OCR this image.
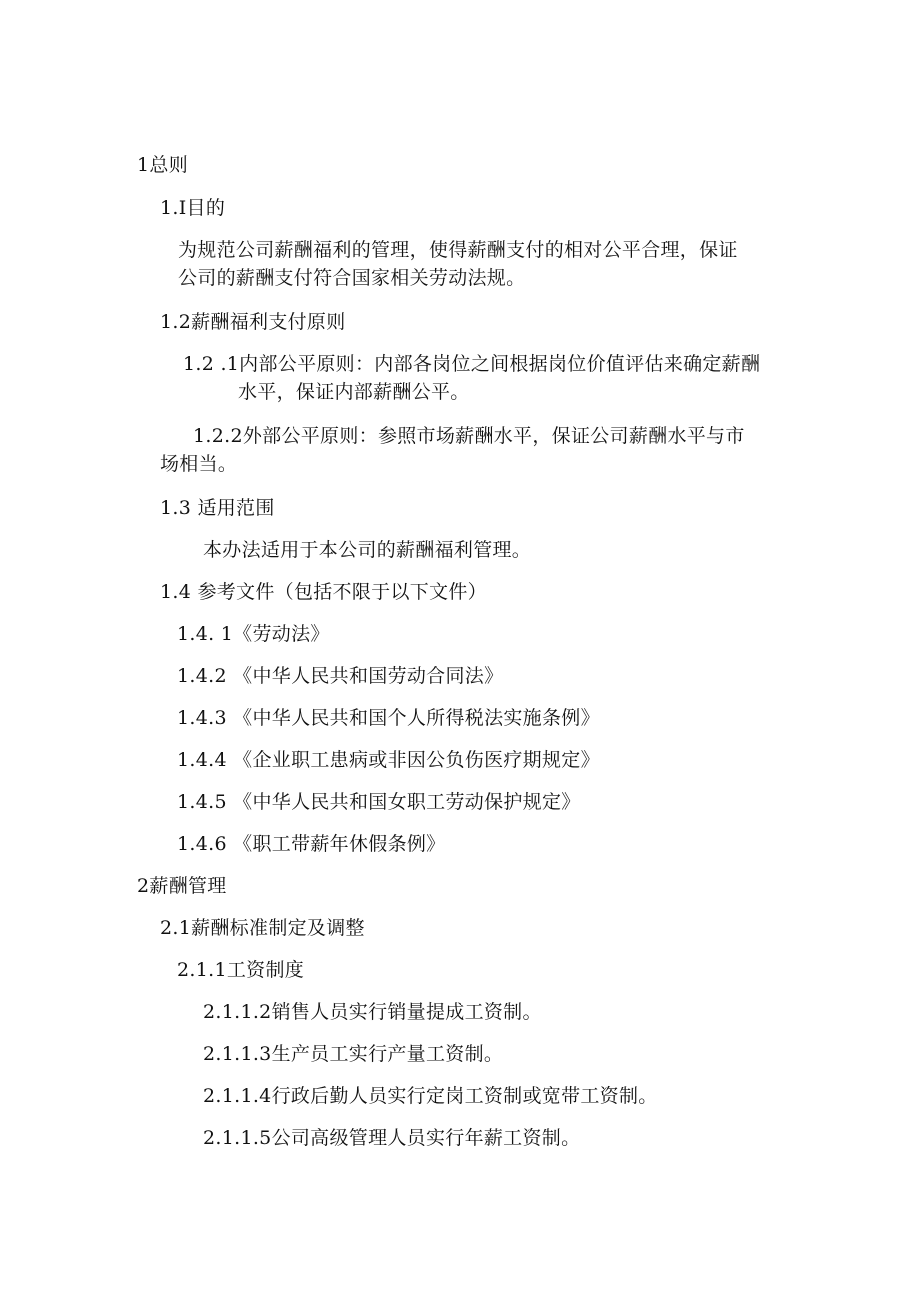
1总则
1.I目的
为规范公司薪酬福利的管理，使得薪酬支付的相对公平合理，保证
公司的薪酬支付符合国家相关劳动法规。
1.2薪酬福利支付原则
1.2 .1内部公平原则：内部各岗位之间根据岗位价值评估来确定薪酬
水平，保证内部薪酬公平。
1.2.2外部公平原则：参照市场薪酬水平，保证公司薪酬水平与市
场相当。
1.3 适用范围
本办法适用于本公司的薪酬福利管理。
1.4 参考文件（包括不限于以下文件）
1.4. 1《劳动法》
1.4.2 《中华人民共和国劳动合同法》
1.4.3 《中华人民共和国个人所得税法实施条例》
1.4.4 《企业职工患病或非因公负伤医疗期规定》
1.4.5 《中华人民共和国女职工劳动保护规定》
1.4.6 《职工带薪年休假条例》
2薪酬管理
2.1薪酬标准制定及调整
2.1.1工资制度
2.1.1.2销售人员实行销量提成工资制。
2.1.1.3生产员工实行产量工资制。
2.1.1.4行政后勤人员实行定岗工资制或宽带工资制。
2.1.1.5公司高级管理人员实行年薪工资制。
